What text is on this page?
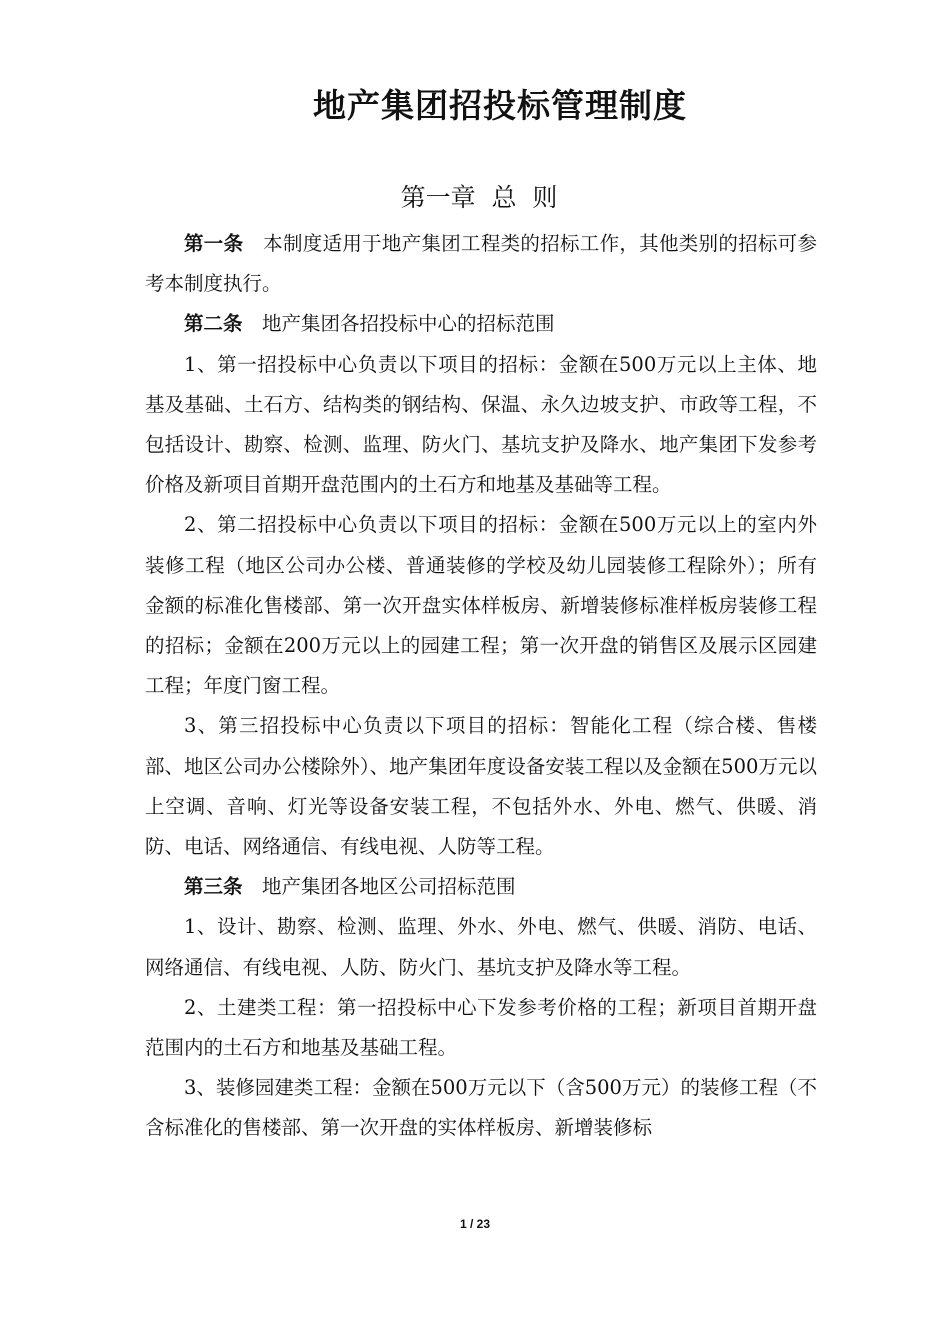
地产集团招投标管理制度
第一章  总  则

第一条  本制度适用于地产集团工程类的招标工作，其他类别的招标可参考本制度执行。

第二条  地产集团各招投标中心的招标范围

1、第一招投标中心负责以下项目的招标：金额在500万元以上主体、地基及基础、土石方、结构类的钢结构、保温、永久边坡支护、市政等工程，不包括设计、勘察、检测、监理、防火门、基坑支护及降水、地产集团下发参考价格及新项目首期开盘范围内的土石方和地基及基础等工程。

2、第二招投标中心负责以下项目的招标：金额在500万元以上的室内外装修工程（地区公司办公楼、普通装修的学校及幼儿园装修工程除外）；所有金额的标准化售楼部、第一次开盘实体样板房、新增装修标准样板房装修工程的招标；金额在200万元以上的园建工程；第一次开盘的销售区及展示区园建工程；年度门窗工程。

3、第三招投标中心负责以下项目的招标：智能化工程（综合楼、售楼部、地区公司办公楼除外）、地产集团年度设备安装工程以及金额在500万元以上空调、音响、灯光等设备安装工程，不包括外水、外电、燃气、供暖、消防、电话、网络通信、有线电视、人防等工程。

第三条  地产集团各地区公司招标范围

1、设计、勘察、检测、监理、外水、外电、燃气、供暖、消防、电话、网络通信、有线电视、人防、防火门、基坑支护及降水等工程。

2、土建类工程：第一招投标中心下发参考价格的工程；新项目首期开盘范围内的土石方和地基及基础工程。

3、装修园建类工程：金额在500万元以下（含500万元）的装修工程（不含标准化的售楼部、第一次开盘的实体样板房、新增装修标

1 / 23
